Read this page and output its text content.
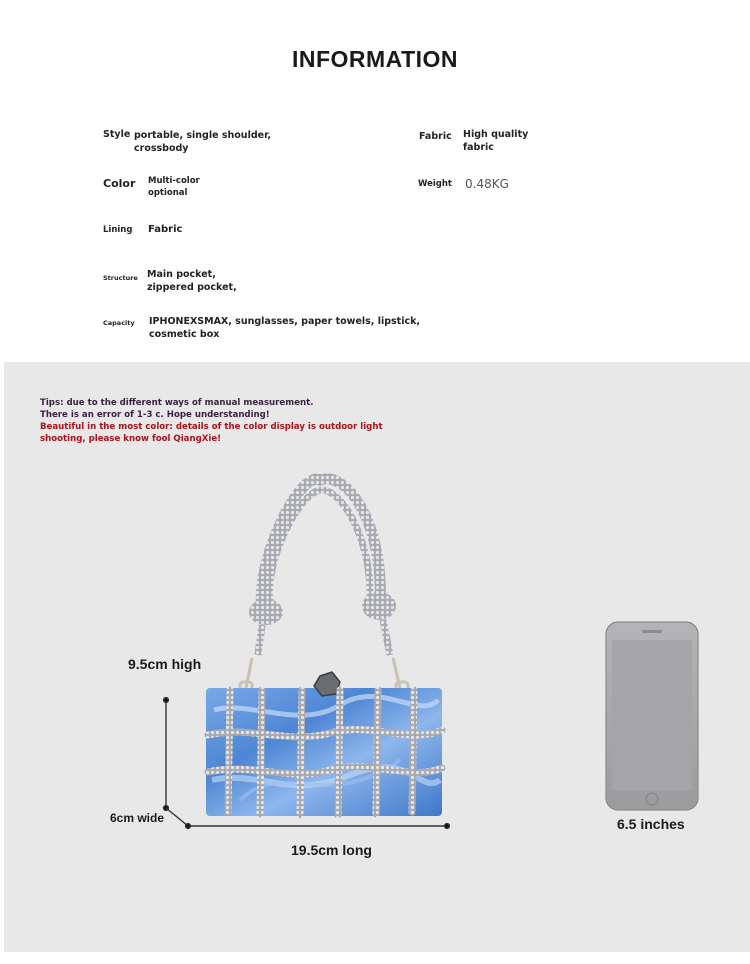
INFORMATION
Style portable, single shoulder, crossbody
Fabric High quality fabric
Color Multi-color optional
Weight 0.48KG
Lining Fabric
Structure Main pocket, zippered pocket,
Capacity IPHONEXSMAX, sunglasses, paper towels, lipstick, cosmetic box
Tips: due to the different ways of manual measurement.
There is an error of 1-3 c. Hope understanding!
Beautiful in the most color: details of the color display is outdoor light
shooting, please know fool QiangXie!
9.5cm high
6cm wide
19.5cm long
6.5 inches
